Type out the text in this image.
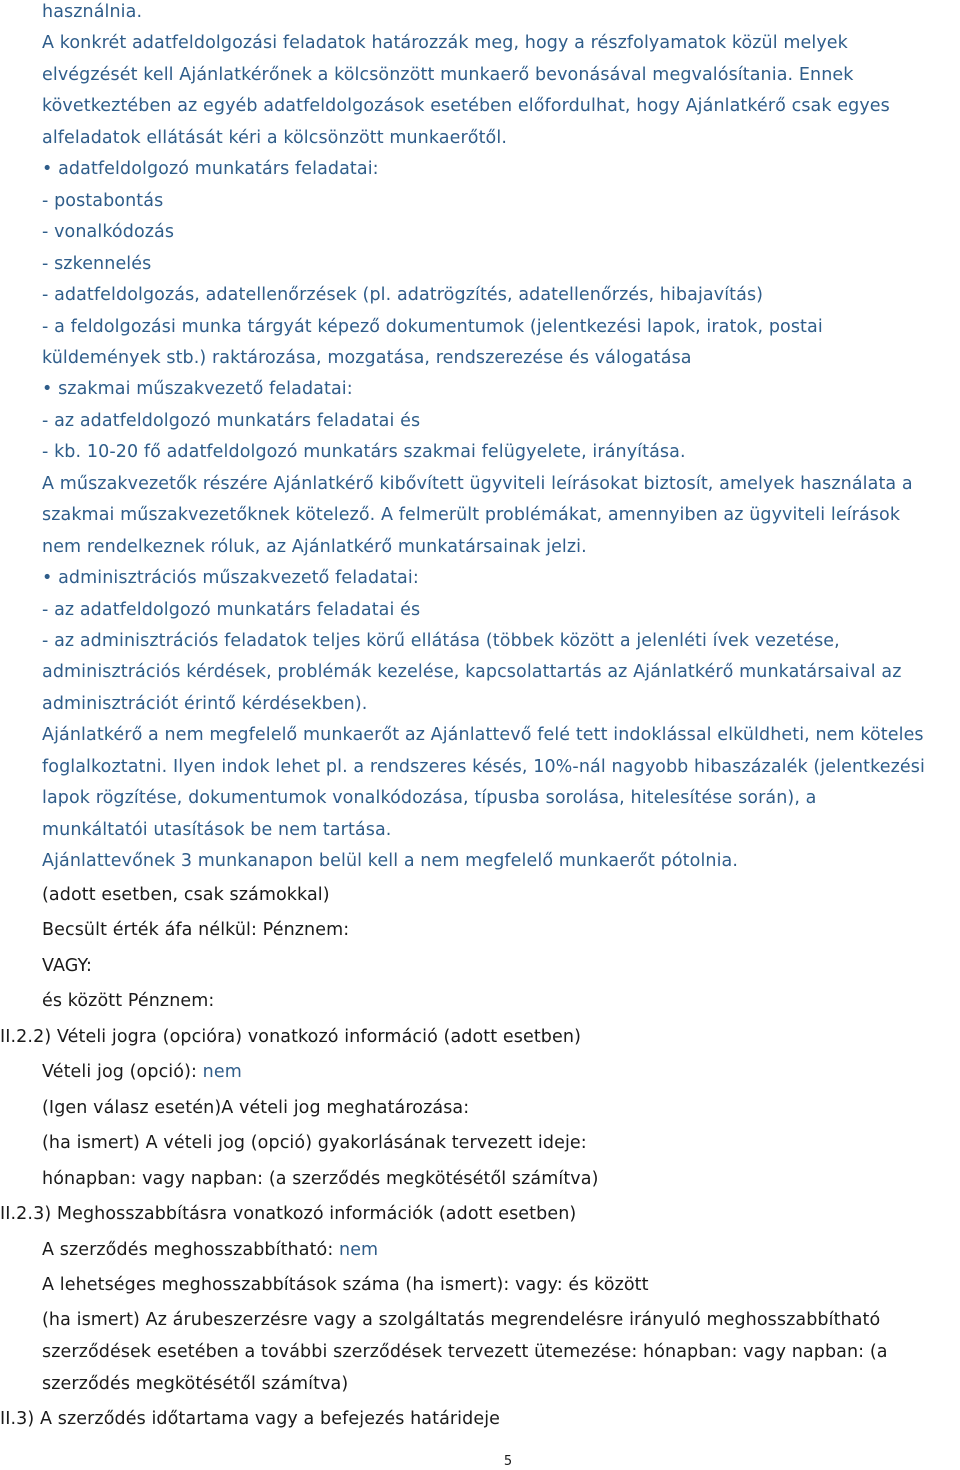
használnia.
A konkrét adatfeldolgozási feladatok határozzák meg, hogy a részfolyamatok közül melyek
elvégzését kell Ajánlatkérőnek a kölcsönzött munkaerő bevonásával megvalósítania. Ennek
következtében az egyéb adatfeldolgozások esetében előfordulhat, hogy Ajánlatkérő csak egyes
alfeladatok ellátását kéri a kölcsönzött munkaerőtől.
• adatfeldolgozó munkatárs feladatai:
- postabontás
- vonalkódozás
- szkennelés
- adatfeldolgozás, adatellenőrzések (pl. adatrögzítés, adatellenőrzés, hibajavítás)
- a feldolgozási munka tárgyát képező dokumentumok (jelentkezési lapok, iratok, postai
küldemények stb.) raktározása, mozgatása, rendszerezése és válogatása
• szakmai műszakvezető feladatai:
- az adatfeldolgozó munkatárs feladatai és
- kb. 10-20 fő adatfeldolgozó munkatárs szakmai felügyelete, irányítása.
A műszakvezetők részére Ajánlatkérő kibővített ügyviteli leírásokat biztosít, amelyek használata a
szakmai műszakvezetőknek kötelező. A felmerült problémákat, amennyiben az ügyviteli leírások
nem rendelkeznek róluk, az Ajánlatkérő munkatársainak jelzi.
• adminisztrációs műszakvezető feladatai:
- az adatfeldolgozó munkatárs feladatai és
- az adminisztrációs feladatok teljes körű ellátása (többek között a jelenléti ívek vezetése,
adminisztrációs kérdések, problémák kezelése, kapcsolattartás az Ajánlatkérő munkatársaival az
adminisztrációt érintő kérdésekben).
Ajánlatkérő a nem megfelelő munkaerőt az Ajánlattevő felé tett indoklással elküldheti, nem köteles
foglalkoztatni. Ilyen indok lehet pl. a rendszeres késés, 10%-nál nagyobb hibaszázalék (jelentkezési
lapok rögzítése, dokumentumok vonalkódozása, típusba sorolása, hitelesítése során), a
munkáltatói utasítások be nem tartása.
Ajánlattevőnek 3 munkanapon belül kell a nem megfelelő munkaerőt pótolnia.
(adott esetben, csak számokkal)
Becsült érték áfa nélkül: Pénznem:
VAGY:
és között Pénznem:
II.2.2) Vételi jogra (opcióra) vonatkozó információ (adott esetben)
Vételi jog (opció): nem
(Igen válasz esetén)A vételi jog meghatározása:
(ha ismert) A vételi jog (opció) gyakorlásának tervezett ideje:
hónapban: vagy napban: (a szerződés megkötésétől számítva)
II.2.3) Meghosszabbításra vonatkozó információk (adott esetben)
A szerződés meghosszabbítható: nem
A lehetséges meghosszabbítások száma (ha ismert): vagy: és között
(ha ismert) Az árubeszerzésre vagy a szolgáltatás megrendelésre irányuló meghosszabbítható
szerződések esetében a további szerződések tervezett ütemezése: hónapban: vagy napban: (a
szerződés megkötésétől számítva)
II.3) A szerződés időtartama vagy a befejezés határideje
5
